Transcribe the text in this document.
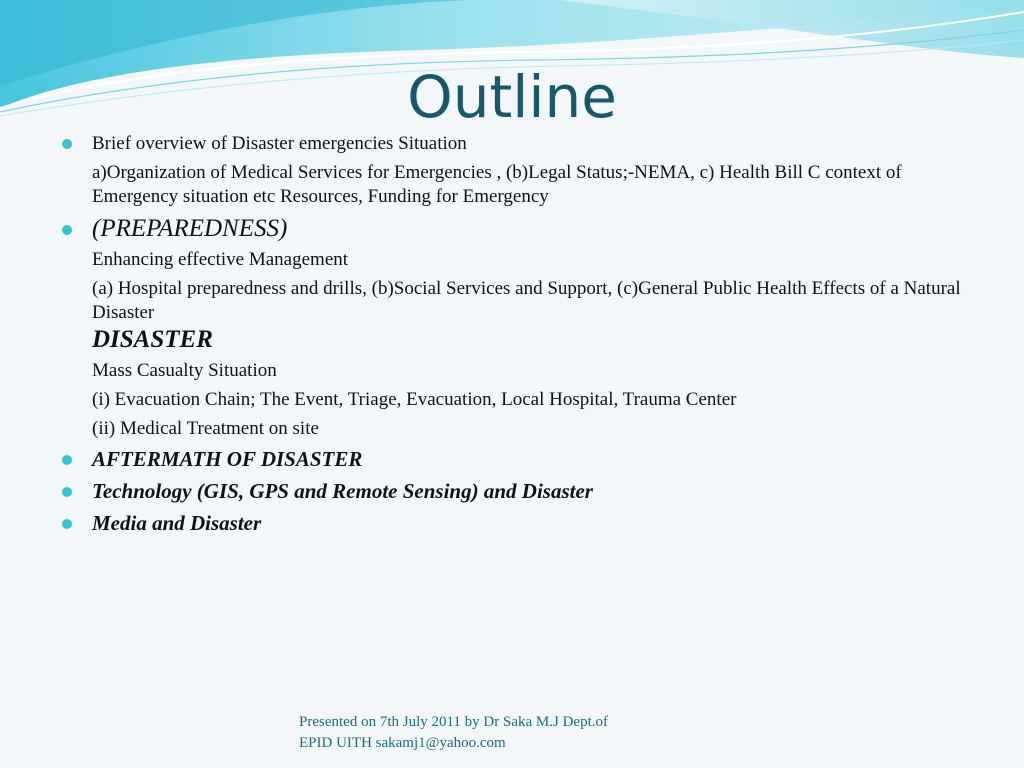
Outline
Brief overview of Disaster emergencies Situation
a)Organization of Medical Services for Emergencies , (b)Legal Status;-NEMA, c) Health Bill C context of Emergency situation etc Resources, Funding for Emergency
(PREPAREDNESS)
Enhancing effective Management
(a) Hospital preparedness and drills, (b)Social Services and Support, (c)General Public Health Effects of a Natural Disaster
DISASTER
Mass Casualty Situation
(i) Evacuation Chain; The Event, Triage, Evacuation, Local Hospital, Trauma Center
(ii) Medical Treatment on site
AFTERMATH OF DISASTER
Technology (GIS, GPS and Remote Sensing) and Disaster
Media and Disaster
Presented on 7th July 2011 by Dr Saka M.J Dept.of
EPID UITH sakamj1@yahoo.com
